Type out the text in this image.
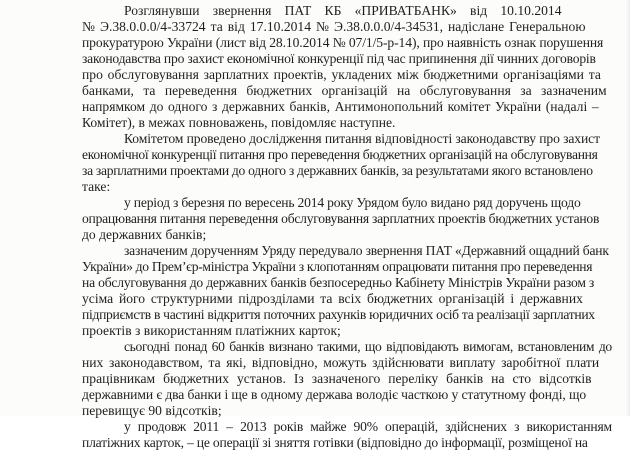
Розглянувши звернення ПАТ КБ «ПРИВАТБАНК» від 10.10.2014
№ Э.38.0.0.0/4-33724 та від 17.10.2014 № Э.38.0.0.0/4-34531, надіслане Генеральною
прокуратурою України (лист від 28.10.2014 № 07/1/5-р-14), про наявність ознак порушення
законодавства про захист економічної конкуренції під час припинення дії чинних договорів
про обслуговування зарплатних проектів, укладених між бюджетними організаціями та
банками, та переведення бюджетних організацій на обслуговування за зазначеним
напрямком до одного з державних банків, Антимонопольний комітет України (надалі –
Комітет), в межах повноважень, повідомляє наступне.
Комітетом проведено дослідження питання відповідності законодавству про захист
економічної конкуренції питання про переведення бюджетних організацій на обслуговування
за зарплатними проектами до одного з державних банків, за результатами якого встановлено
таке:
у період з березня по вересень 2014 року Урядом було видано ряд доручень щодо
опрацювання питання переведення обслуговування зарплатних проектів бюджетних установ
до державних банків;
зазначеним дорученням Уряду передувало звернення ПАТ «Державний ощадний банк
України» до Прем’єр-міністра України з клопотанням опрацювати питання про переведення
на обслуговування до державних банків безпосередньо Кабінету Міністрів України разом з
усіма його структурними підрозділами та всіх бюджетних організацій і державних
підприємств в частині відкриття поточних рахунків юридичних осіб та реалізації зарплатних
проектів з використанням платіжних карток;
сьогодні понад 60 банків визнано такими, що відповідають вимогам, встановленим до
них законодавством, та які, відповідно, можуть здійснювати виплату заробітної плати
працівникам бюджетних установ. Із зазначеного переліку банків на сто відсотків
державними є два банки і ще в одному держава володіє часткою у статутному фонді, що
перевищує 90 відсотків;
у продовж 2011 – 2013 років майже 90% операцій, здійснених з використанням
платіжних карток, – це операції зі зняття готівки (відповідно до інформації, розміщеної на
